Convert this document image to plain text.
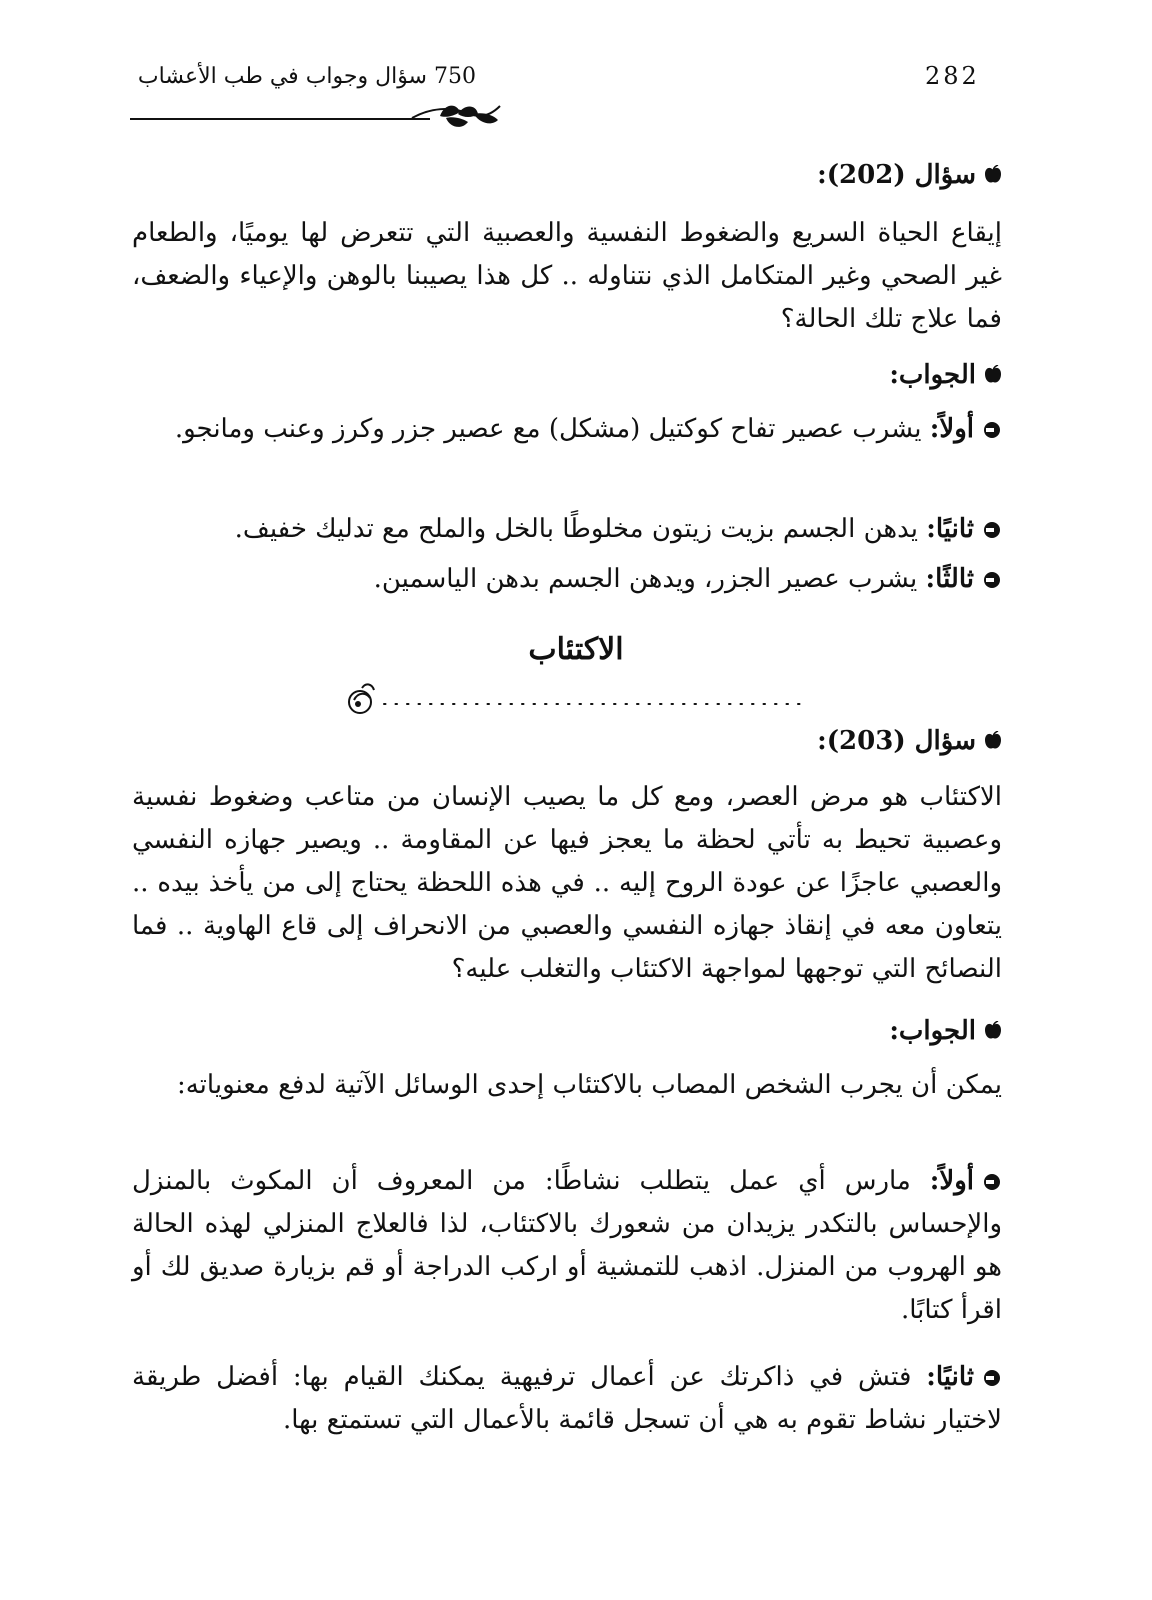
282
750 سؤال وجواب في طب الأعشاب
سؤال (202):
إيقاع الحياة السريع والضغوط النفسية والعصبية التي تتعرض لها يوميًا، والطعام غير الصحي وغير المتكامل الذي نتناوله .. كل هذا يصيبنا بالوهن والإعياء والضعف، فما علاج تلك الحالة؟
الجواب:
أولاً: يشرب عصير تفاح كوكتيل (مشكل) مع عصير جزر وكرز وعنب ومانجو.
ثانيًا: يدهن الجسم بزيت زيتون مخلوطًا بالخل والملح مع تدليك خفيف.
ثالثًا: يشرب عصير الجزر، ويدهن الجسم بدهن الياسمين.
الاكتئاب
سؤال (203):
الاكتئاب هو مرض العصر، ومع كل ما يصيب الإنسان من متاعب وضغوط نفسية وعصبية تحيط به تأتي لحظة ما يعجز فيها عن المقاومة .. ويصير جهازه النفسي والعصبي عاجزًا عن عودة الروح إليه .. في هذه اللحظة يحتاج إلى من يأخذ بيده .. يتعاون معه في إنقاذ جهازه النفسي والعصبي من الانحراف إلى قاع الهاوية .. فما النصائح التي توجهها لمواجهة الاكتئاب والتغلب عليه؟
الجواب:
يمكن أن يجرب الشخص المصاب بالاكتئاب إحدى الوسائل الآتية لدفع معنوياته:
أولاً: مارس أي عمل يتطلب نشاطًا: من المعروف أن المكوث بالمنزل والإحساس بالتكدر يزيدان من شعورك بالاكتئاب، لذا فالعلاج المنزلي لهذه الحالة هو الهروب من المنزل. اذهب للتمشية أو اركب الدراجة أو قم بزيارة صديق لك أو اقرأ كتابًا.
ثانيًا: فتش في ذاكرتك عن أعمال ترفيهية يمكنك القيام بها: أفضل طريقة لاختيار نشاط تقوم به هي أن تسجل قائمة بالأعمال التي تستمتع بها.
